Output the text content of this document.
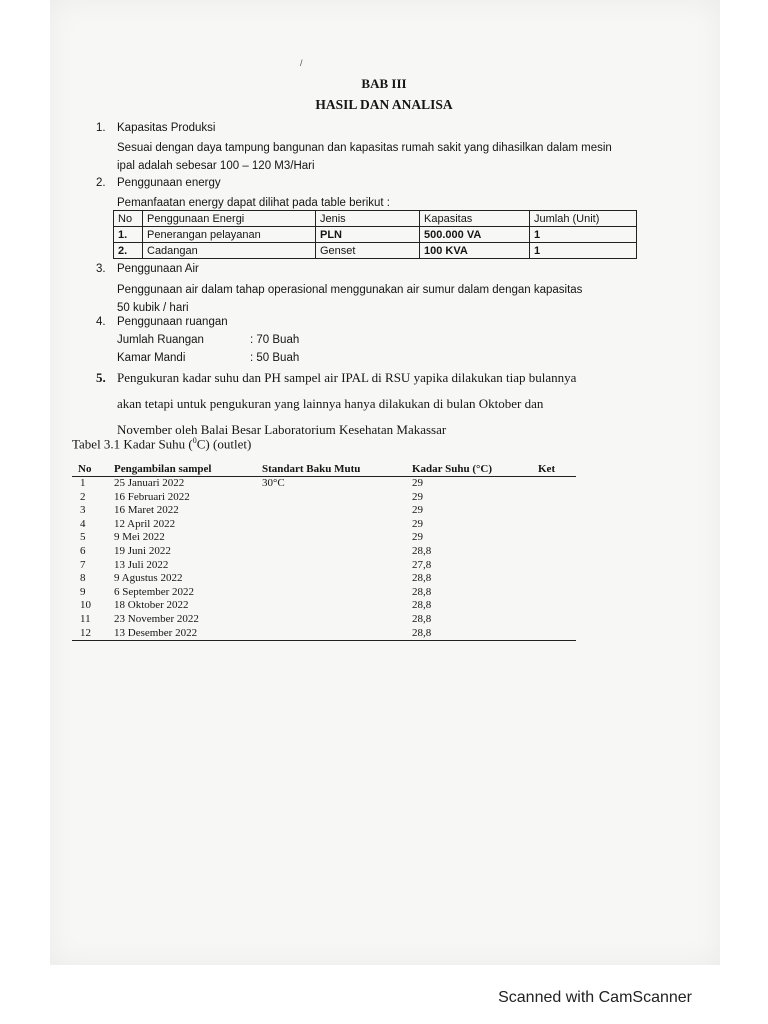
/
BAB III
HASIL DAN ANALISA
1. Kapasitas Produksi
Sesuai dengan daya tampung bangunan dan kapasitas rumah sakit yang dihasilkan dalam mesin
ipal adalah sebesar 100 – 120 M3/Hari
2. Penggunaan energy
Pemanfaatan energy dapat dilihat pada table berikut :
No	Penggunaan Energi	Jenis	Kapasitas	Jumlah (Unit)
1.	Penerangan pelayanan	PLN	500.000 VA	1
2.	Cadangan	Genset	100 KVA	1
3. Penggunaan Air
Penggunaan air dalam tahap operasional menggunakan air sumur dalam dengan kapasitas
50 kubik / hari
4. Penggunaan ruangan
Jumlah Ruangan	: 70 Buah
Kamar Mandi	: 50 Buah
5. Pengukuran kadar suhu dan PH sampel air IPAL di RSU yapika dilakukan tiap bulannya
akan tetapi untuk pengukuran yang lainnya hanya dilakukan di bulan Oktober dan
November oleh Balai Besar Laboratorium Kesehatan Makassar
Tabel 3.1 Kadar Suhu ($^0$C) (outlet)
No	Pengambilan sampel	Standart Baku Mutu	Kadar Suhu (°C)	Ket
1	25 Januari 2022	30°C	29	
2	16 Februari 2022		29	
3	16 Maret 2022		29	
4	12 April 2022		29	
5	9 Mei 2022		29	
6	19 Juni 2022		28,8	
7	13 Juli 2022		27,8	
8	9 Agustus 2022		28,8	
9	6 September 2022		28,8	
10	18 Oktober 2022		28,8	
11	23 November 2022		28,8	
12	13 Desember 2022		28,8	
Scanned with CamScanner
